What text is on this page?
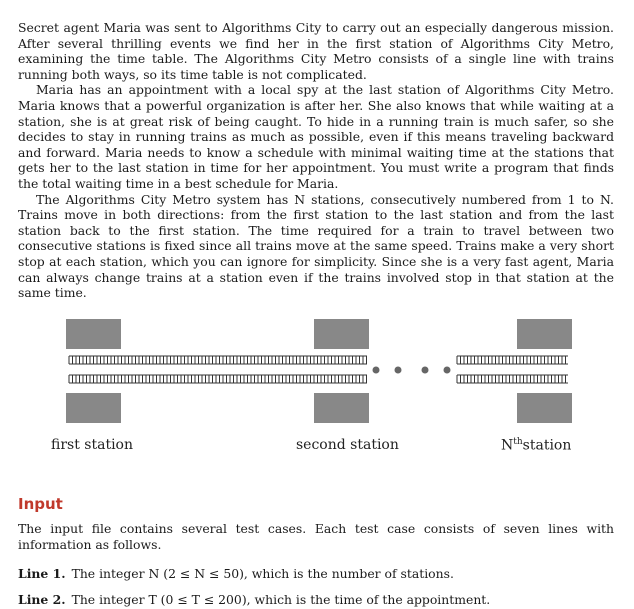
Secret agent Maria was sent to Algorithms City to carry out an especially dangerous mission. After several thrilling events we find her in the first station of Algorithms City Metro, examining the time table. The Algorithms City Metro consists of a single line with trains running both ways, so its time table is not complicated.

Maria has an appointment with a local spy at the last station of Algorithms City Metro. Maria knows that a powerful organization is after her. She also knows that while waiting at a station, she is at great risk of being caught. To hide in a running train is much safer, so she decides to stay in running trains as much as possible, even if this means traveling backward and forward. Maria needs to know a schedule with minimal waiting time at the stations that gets her to the last station in time for her appointment. You must write a program that finds the total waiting time in a best schedule for Maria.

The Algorithms City Metro system has N stations, consecutively numbered from 1 to N. Trains move in both directions: from the first station to the last station and from the last station back to the first station. The time required for a train to travel between two consecutive stations is fixed since all trains move at the same speed. Trains make a very short stop at each station, which you can ignore for simplicity. Since she is a very fast agent, Maria can always change trains at a station even if the trains involved stop in that station at the same time.

first station	second station	$N^{th}station$
Input

The input file contains several test cases. Each test case consists of seven lines with information as follows.

Line 1. The integer N (2 ≤ N ≤ 50), which is the number of stations.
Line 2. The integer T (0 ≤ T ≤ 200), which is the time of the appointment.
